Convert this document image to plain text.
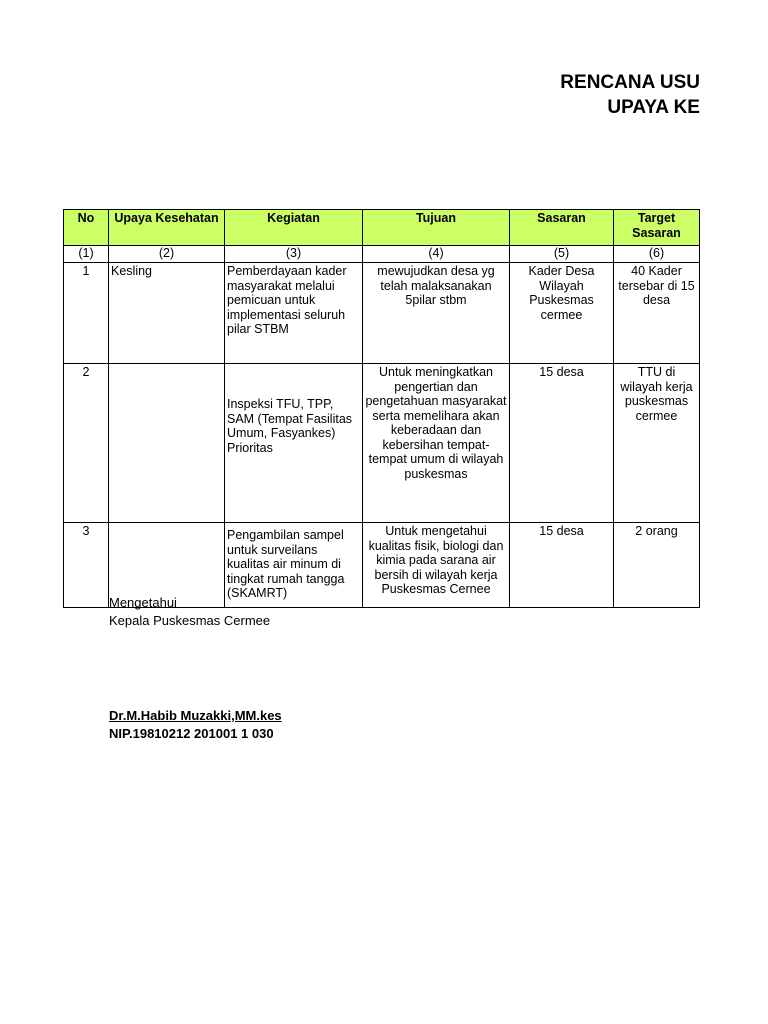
RENCANA USU
UPAYA KE
No	Upaya Kesehatan	Kegiatan	Tujuan	Sasaran	Target Sasaran
(1)	(2)	(3)	(4)	(5)	(6)
1	Kesling	Pemberdayaan kader masyarakat melalui pemicuan untuk implementasi seluruh pilar STBM	mewujudkan desa yg telah malaksanakan 5pilar stbm	Kader Desa Wilayah Puskesmas cermee	40 Kader tersebar di 15 desa
2		Inspeksi TFU, TPP, SAM (Tempat Fasilitas Umum, Fasyankes) Prioritas	Untuk meningkatkan pengertian dan pengetahuan masyarakat serta memelihara akan keberadaan dan kebersihan tempat-tempat umum di wilayah puskesmas	15 desa	TTU di wilayah kerja puskesmas cermee
3		Pengambilan sampel untuk surveilans kualitas air minum di tingkat rumah tangga (SKAMRT)	Untuk mengetahui kualitas fisik, biologi dan kimia pada sarana air bersih di wilayah kerja Puskesmas Cernee	15 desa	2 orang
Mengetahui
Kepala Puskesmas Cermee
Dr.M.Habib Muzakki,MM.kes
NIP.19810212 201001 1 030
